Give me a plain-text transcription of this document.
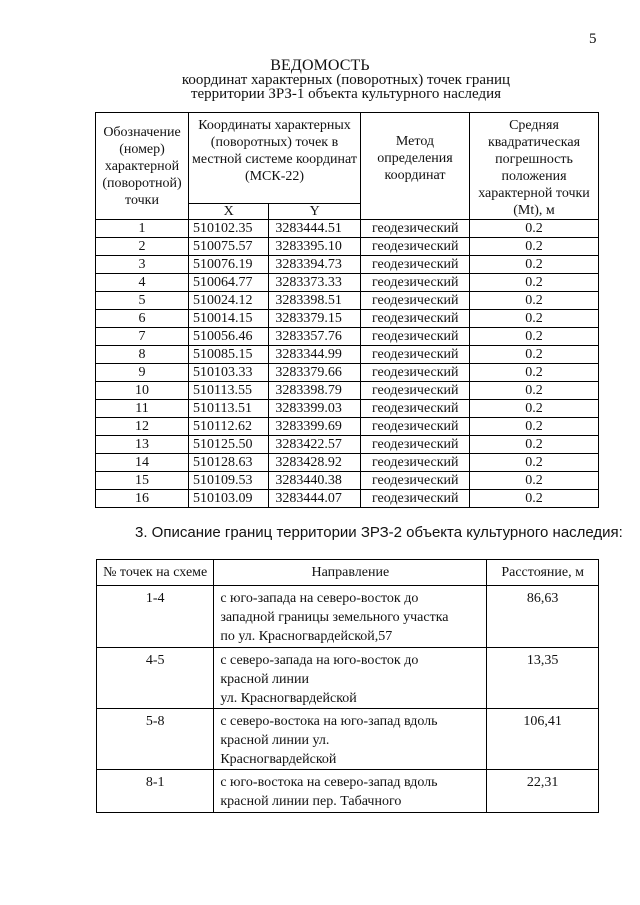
5
ВЕДОМОСТЬ
координат характерных (поворотных) точек границ
территории ЗРЗ-1 объекта культурного наследия
Обозначение (номер) характерной (поворотной) точки	Координаты характерных (поворотных) точек в местной системе координат (МСК-22)		Метод определения координат	Средняя квадратическая погрешность положения характерной точки (Mt), м
	X	Y		
1	510102.35	3283444.51	геодезический	0.2
2	510075.57	3283395.10	геодезический	0.2
3	510076.19	3283394.73	геодезический	0.2
4	510064.77	3283373.33	геодезический	0.2
5	510024.12	3283398.51	геодезический	0.2
6	510014.15	3283379.15	геодезический	0.2
7	510056.46	3283357.76	геодезический	0.2
8	510085.15	3283344.99	геодезический	0.2
9	510103.33	3283379.66	геодезический	0.2
10	510113.55	3283398.79	геодезический	0.2
11	510113.51	3283399.03	геодезический	0.2
12	510112.62	3283399.69	геодезический	0.2
13	510125.50	3283422.57	геодезический	0.2
14	510128.63	3283428.92	геодезический	0.2
15	510109.53	3283440.38	геодезический	0.2
16	510103.09	3283444.07	геодезический	0.2
3. Описание границ территории ЗРЗ-2 объекта культурного наследия:
№ точек на схеме	Направление	Расстояние, м
1-4	с юго-запада на северо-восток до
западной границы земельного участка
по ул. Красногвардейской,57	86,63
4-5	с северо-запада на юго-восток до
красной линии
ул. Красногвардейской	13,35
5-8	с северо-востока на юго-запад вдоль
красной линии ул.
Красногвардейской	106,41
8-1	с юго-востока на северо-запад вдоль
красной линии пер. Табачного	22,31
